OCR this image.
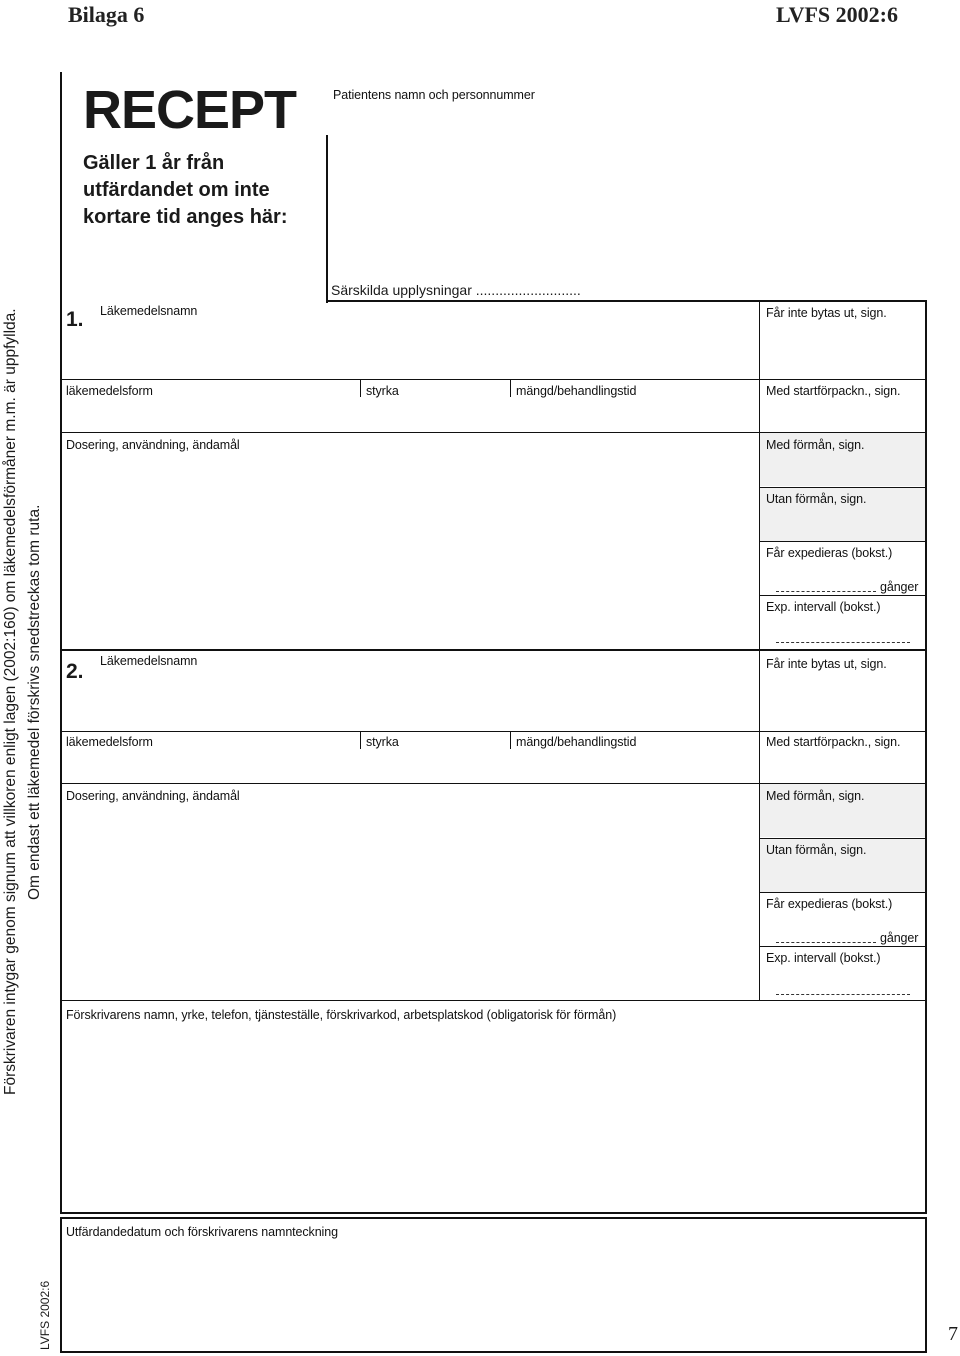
Bilaga 6	LVFS 2002:6
Förskrivaren intygar genom signum att villkoren enligt lagen (2002:160) om läkemedelsförmåner m.m. är uppfyllda. Om endast ett läkemedel förskrivs snedstreckas tom ruta.
RECEPT
Gäller 1 år från
utfärdandet om inte
kortare tid anges här:
Patientens namn och personnummer
Särskilda upplysningar ...........................
1. Läkemedelsnamn
läkemedelsform	styrka	mängd/behandlingstid
Dosering, användning, ändamål
Får inte bytas ut, sign.
Med startförpackn., sign.
Med förmån, sign.
Utan förmån, sign.
Får expedieras (bokst.)
gånger
Exp. intervall (bokst.)
2. Läkemedelsnamn
läkemedelsform	styrka	mängd/behandlingstid
Dosering, användning, ändamål
Får inte bytas ut, sign.
Med startförpackn., sign.
Med förmån, sign.
Utan förmån, sign.
Får expedieras (bokst.)
gånger
Exp. intervall (bokst.)
Förskrivarens namn, yrke, telefon, tjänsteställe, förskrivarkod, arbetsplatskod (obligatorisk för förmån)
Utfärdandedatum och förskrivarens namnteckning
LVFS 2002:6	7
